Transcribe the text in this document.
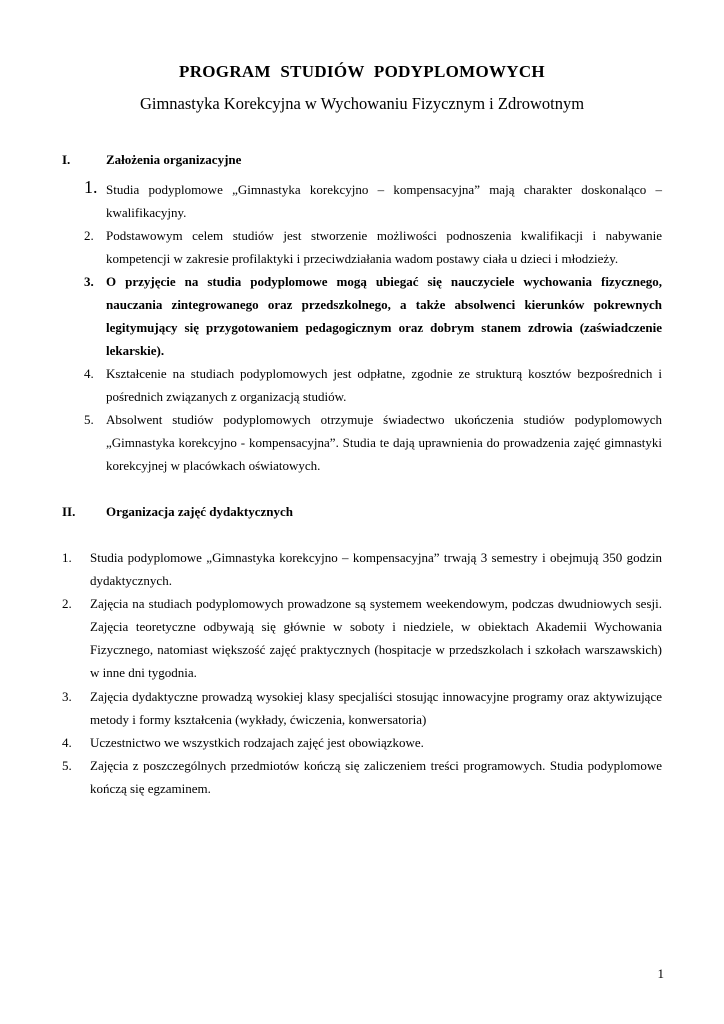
PROGRAM STUDIÓW PODYPLOMOWYCH
Gimnastyka Korekcyjna w Wychowaniu Fizycznym i Zdrowotnym
I.	Założenia organizacyjne
1. Studia podyplomowe „Gimnastyka korekcyjno – kompensacyjna” mają charakter doskonaląco – kwalifikacyjny.
2. Podstawowym celem studiów jest stworzenie możliwości podnoszenia kwalifikacji i nabywanie kompetencji w zakresie profilaktyki i przeciwdziałania wadom postawy ciała u dzieci i młodzieży.
3. O przyjęcie na studia podyplomowe mogą ubiegać się nauczyciele wychowania fizycznego, nauczania zintegrowanego oraz przedszkolnego, a także absolwenci kierunków pokrewnych legitymujący się przygotowaniem pedagogicznym oraz dobrym stanem zdrowia (zaświadczenie lekarskie).
4. Kształcenie na studiach podyplomowych jest odpłatne, zgodnie ze strukturą kosztów bezpośrednich i pośrednich związanych z organizacją studiów.
5. Absolwent studiów podyplomowych otrzymuje świadectwo ukończenia studiów podyplomowych „Gimnastyka korekcyjno - kompensacyjna”. Studia te dają uprawnienia do prowadzenia zajęć gimnastyki korekcyjnej w placówkach oświatowych.
II. Organizacja zajęć dydaktycznych
1. Studia podyplomowe „Gimnastyka korekcyjno – kompensacyjna” trwają 3 semestry i obejmują 350 godzin dydaktycznych.
2. Zajęcia na studiach podyplomowych prowadzone są systemem weekendowym, podczas dwudniowych sesji. Zajęcia teoretyczne odbywają się głównie w soboty i niedziele, w obiektach Akademii Wychowania Fizycznego, natomiast większość zajęć praktycznych (hospitacje w przedszkolach i szkołach warszawskich) w inne dni tygodnia.
3. Zajęcia dydaktyczne prowadzą wysokiej klasy specjaliści stosując innowacyjne programy oraz aktywizujące metody i formy kształcenia (wykłady, ćwiczenia, konwersatoria)
4. Uczestnictwo we wszystkich rodzajach zajęć jest obowiązkowe.
5. Zajęcia z poszczególnych przedmiotów kończą się zaliczeniem treści programowych. Studia podyplomowe kończą się egzaminem.
1
